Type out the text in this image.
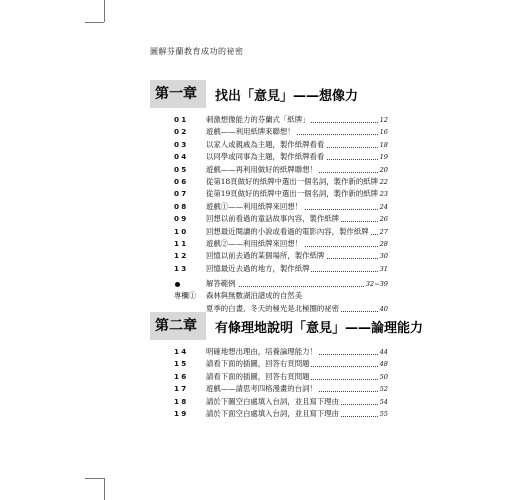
圖解芬蘭教育成功的祕密
第一章	找出「意見」——想像力
01	刺激想像能力的芬蘭式「紙牌」	12
02	遊戲——利用紙牌來聯想！	16
03	以家人或親戚為主題，製作紙牌看看	18
04	以同學或同事為主題，製作紙牌看看	19
05	遊戲——再利用做好的紙牌聯想！	20
06	從第18頁做好的紙牌中選出一個名詞，製作新的紙牌 22
07	從第19頁做好的紙牌中選出一個名詞，製作新的紙牌 23
08	遊戲①——利用紙牌來回想！	24
09	回想以前看過的童話故事內容，製作紙牌	26
10	回想最近閱讀的小說或看過的電影內容，製作紙牌	27
11	遊戲②——利用紙牌來回想！	28
12	回憶以前去過的某個場所，製作紙牌	30
13	回憶最近去過的地方，製作紙牌	31
解答範例	32~39
專欄① 森林與無數湖泊譜成的自然美
夏季的白晝、冬天的極光是北極圈的祕密	40
第二章	有條理地說明「意見」——論理能力
14	明確地想出理由，培養論理能力！	44
15	請看下面的插圖，回答右頁問題	48
16	請看下面的插圖，回答右頁問題	50
17	遊戲——請思考四格漫畫的台詞！	52
18	請於下圖空白處填入台詞，並且寫下理由	54
19	請於下面空白處填入台詞，並且寫下理由	55
